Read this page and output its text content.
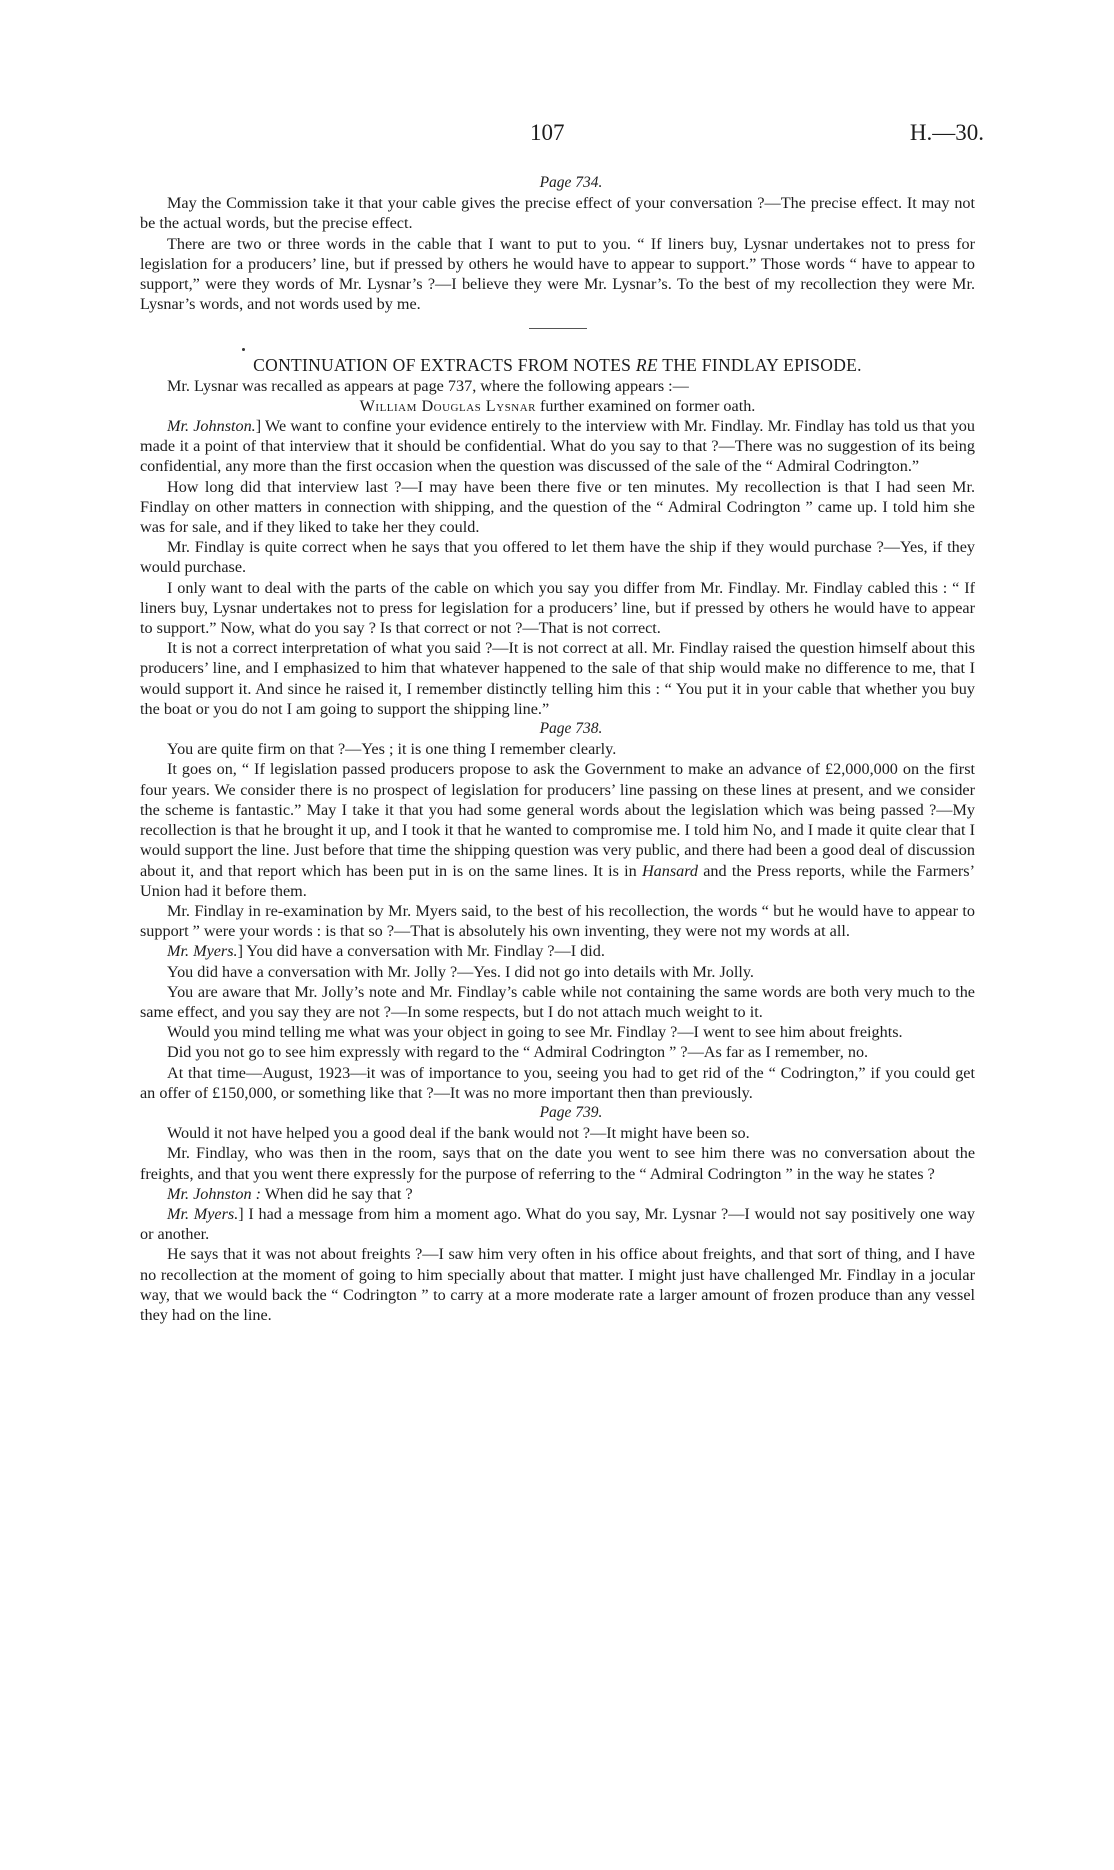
107	H.—30.

Page 734.

May the Commission take it that your cable gives the precise effect of your conversation ?—The precise effect. It may not be the actual words, but the precise effect.

There are two or three words in the cable that I want to put to you. “ If liners buy, Lysnar undertakes not to press for legislation for a producers’ line, but if pressed by others he would have to appear to support.” Those words “ have to appear to support,” were they words of Mr. Lysnar’s ?—I believe they were Mr. Lysnar’s. To the best of my recollection they were Mr. Lysnar’s words, and not words used by me.

CONTINUATION OF EXTRACTS FROM NOTES RE THE FINDLAY EPISODE.

Mr. Lysnar was recalled as appears at page 737, where the following appears :—

William Douglas Lysnar further examined on former oath.

Mr. Johnston.] We want to confine your evidence entirely to the interview with Mr. Findlay. Mr. Findlay has told us that you made it a point of that interview that it should be confidential. What do you say to that ?—There was no suggestion of its being confidential, any more than the first occasion when the question was discussed of the sale of the “ Admiral Codrington.”

How long did that interview last ?—I may have been there five or ten minutes. My recollection is that I had seen Mr. Findlay on other matters in connection with shipping, and the question of the “ Admiral Codrington ” came up. I told him she was for sale, and if they liked to take her they could.

Mr. Findlay is quite correct when he says that you offered to let them have the ship if they would purchase ?—Yes, if they would purchase.

I only want to deal with the parts of the cable on which you say you differ from Mr. Findlay. Mr. Findlay cabled this : “ If liners buy, Lysnar undertakes not to press for legislation for a producers’ line, but if pressed by others he would have to appear to support.” Now, what do you say ? Is that correct or not ?—That is not correct.

It is not a correct interpretation of what you said ?—It is not correct at all. Mr. Findlay raised the question himself about this producers’ line, and I emphasized to him that whatever happened to the sale of that ship would make no difference to me, that I would support it. And since he raised it, I remember distinctly telling him this : “ You put it in your cable that whether you buy the boat or you do not I am going to support the shipping line.”

Page 738.

You are quite firm on that ?—Yes ; it is one thing I remember clearly.

It goes on, “ If legislation passed producers propose to ask the Government to make an advance of £2,000,000 on the first four years. We consider there is no prospect of legislation for producers’ line passing on these lines at present, and we consider the scheme is fantastic.” May I take it that you had some general words about the legislation which was being passed ?—My recollection is that he brought it up, and I took it that he wanted to compromise me. I told him No, and I made it quite clear that I would support the line. Just before that time the shipping question was very public, and there had been a good deal of discussion about it, and that report which has been put in is on the same lines. It is in Hansard and the Press reports, while the Farmers’ Union had it before them.

Mr. Findlay in re-examination by Mr. Myers said, to the best of his recollection, the words “ but he would have to appear to support ” were your words : is that so ?—That is absolutely his own inventing, they were not my words at all.

Mr. Myers.] You did have a conversation with Mr. Findlay ?—I did.

You did have a conversation with Mr. Jolly ?—Yes. I did not go into details with Mr. Jolly.

You are aware that Mr. Jolly’s note and Mr. Findlay’s cable while not containing the same words are both very much to the same effect, and you say they are not ?—In some respects, but I do not attach much weight to it.

Would you mind telling me what was your object in going to see Mr. Findlay ?—I went to see him about freights.

Did you not go to see him expressly with regard to the “ Admiral Codrington ” ?—As far as I remember, no.

At that time—August, 1923—it was of importance to you, seeing you had to get rid of the “ Codrington,” if you could get an offer of £150,000, or something like that ?—It was no more important then than previously.

Page 739.

Would it not have helped you a good deal if the bank would not ?—It might have been so.

Mr. Findlay, who was then in the room, says that on the date you went to see him there was no conversation about the freights, and that you went there expressly for the purpose of referring to the “ Admiral Codrington ” in the way he states ?

Mr. Johnston : When did he say that ?

Mr. Myers.] I had a message from him a moment ago. What do you say, Mr. Lysnar ?—I would not say positively one way or another.

He says that it was not about freights ?—I saw him very often in his office about freights, and that sort of thing, and I have no recollection at the moment of going to him specially about that matter. I might just have challenged Mr. Findlay in a jocular way, that we would back the “ Codrington ” to carry at a more moderate rate a larger amount of frozen produce than any vessel they had on the line.
